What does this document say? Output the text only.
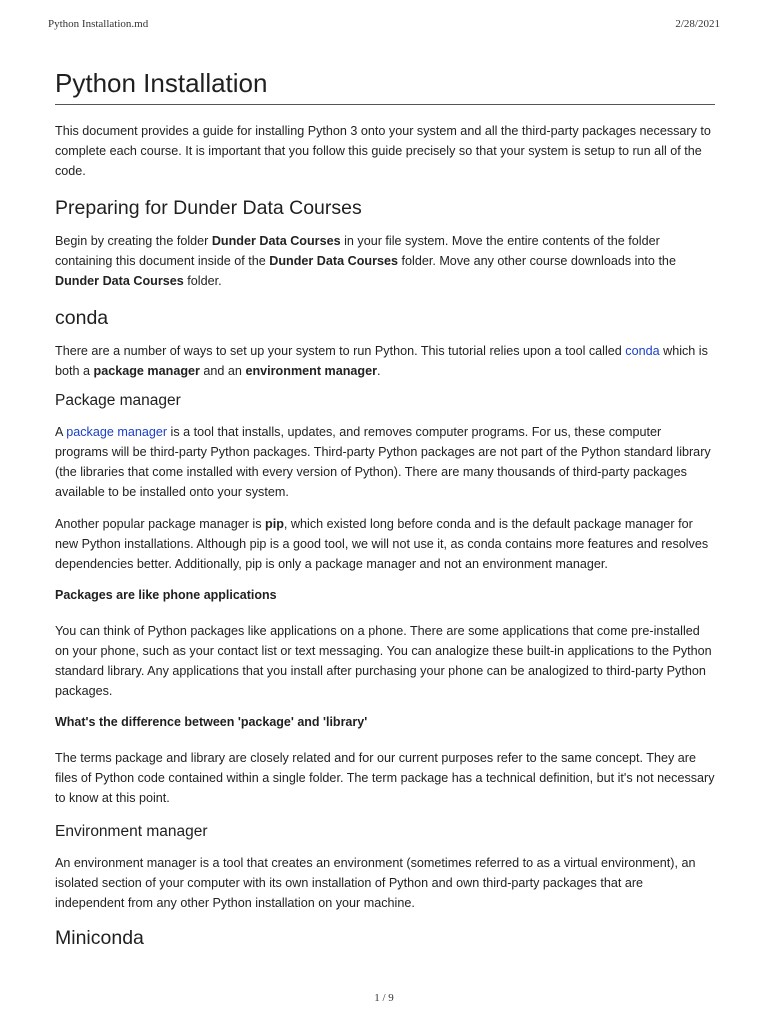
Python Installation.md	2/28/2021
Python Installation

This document provides a guide for installing Python 3 onto your system and all the third-party packages necessary to complete each course. It is important that you follow this guide precisely so that your system is setup to run all of the code.

Preparing for Dunder Data Courses

Begin by creating the folder Dunder Data Courses in your file system. Move the entire contents of the folder containing this document inside of the Dunder Data Courses folder. Move any other course downloads into the Dunder Data Courses folder.

conda

There are a number of ways to set up your system to run Python. This tutorial relies upon a tool called conda which is both a package manager and an environment manager.

Package manager

A package manager is a tool that installs, updates, and removes computer programs. For us, these computer programs will be third-party Python packages. Third-party Python packages are not part of the Python standard library (the libraries that come installed with every version of Python). There are many thousands of third-party packages available to be installed onto your system.

Another popular package manager is pip, which existed long before conda and is the default package manager for new Python installations. Although pip is a good tool, we will not use it, as conda contains more features and resolves dependencies better. Additionally, pip is only a package manager and not an environment manager.

Packages are like phone applications

You can think of Python packages like applications on a phone. There are some applications that come pre-installed on your phone, such as your contact list or text messaging. You can analogize these built-in applications to the Python standard library. Any applications that you install after purchasing your phone can be analogized to third-party Python packages.

What's the difference between 'package' and 'library'

The terms package and library are closely related and for our current purposes refer to the same concept. They are files of Python code contained within a single folder. The term package has a technical definition, but it's not necessary to know at this point.

Environment manager

An environment manager is a tool that creates an environment (sometimes referred to as a virtual environment), an isolated section of your computer with its own installation of Python and own third-party packages that are independent from any other Python installation on your machine.

Miniconda
1 / 9
